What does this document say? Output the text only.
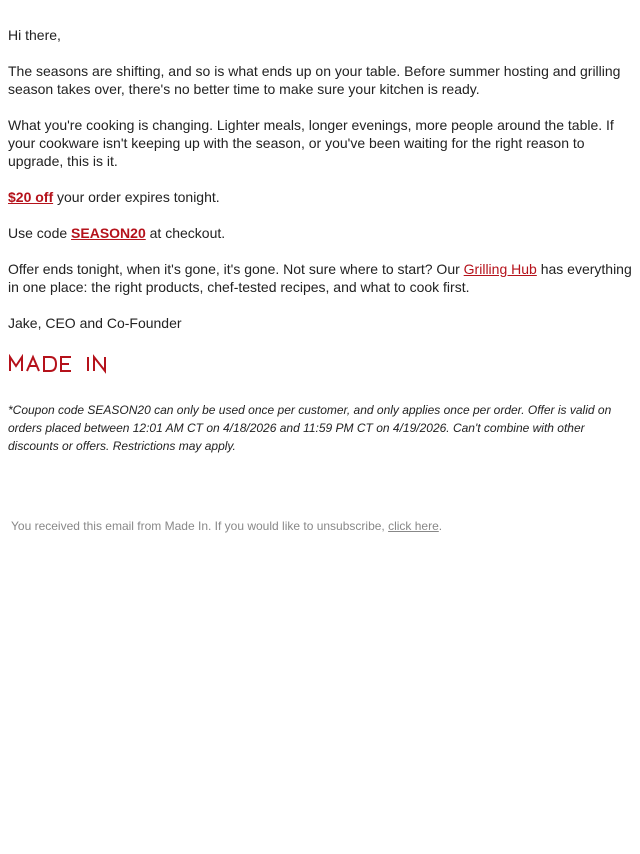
Hi there,

The seasons are shifting, and so is what ends up on your table. Before summer hosting and grilling season takes over, there's no better time to make sure your kitchen is ready.

What you're cooking is changing. Lighter meals, longer evenings, more people around the table. If your cookware isn't keeping up with the season, or you've been waiting for the right reason to upgrade, this is it.

$20 off your order expires tonight.

Use code SEASON20 at checkout.

Offer ends tonight, when it's gone, it's gone. Not sure where to start? Our Grilling Hub has everything in one place: the right products, chef-tested recipes, and what to cook first.

Jake, CEO and Co-Founder

*Coupon code SEASON20 can only be used once per customer, and only applies once per order. Offer is valid on orders placed between 12:01 AM CT on 4/18/2026 and 11:59 PM CT on 4/19/2026. Can't combine with other discounts or offers. Restrictions may apply.

You received this email from Made In. If you would like to unsubscribe, click here.
